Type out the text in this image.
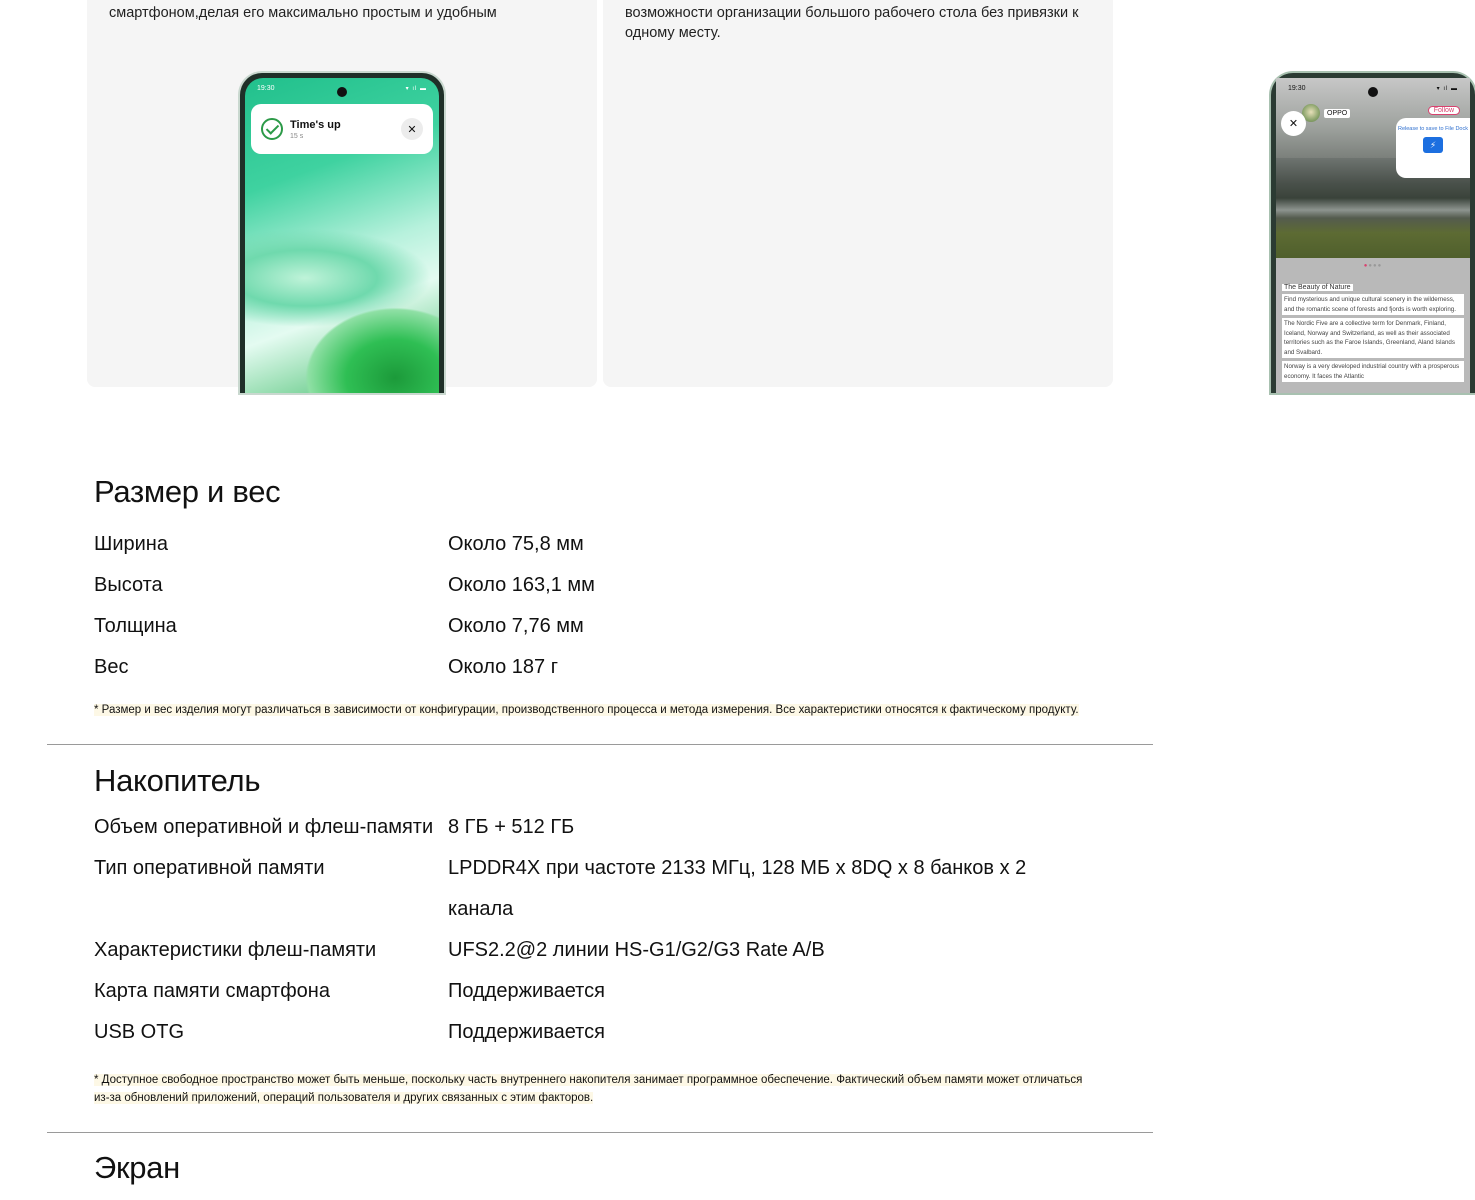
смартфоном,делая его максимально простым и удобным

19:30	▾ ıl ▬
Time's up
15 s
✕

возможности организации большого рабочего стола без привязки к одному месту.

19:30	▾ ıl ▬
OPPO	Follow
✕	Release to save to File Dock
⚡
●●●●
The Beauty of Nature
Find mysterious and unique cultural scenery in the wilderness, and the romantic scene of forests and fjords is worth exploring.
The Nordic Five are a collective term for Denmark, Finland, Iceland, Norway and Switzerland, as well as their associated territories such as the Faroe Islands, Greenland, Aland Islands and Svalbard.
Norway is a very developed industrial country with a prosperous economy. It faces the Atlantic
Размер и вес
Ширина	Около 75,8 мм
Высота	Около 163,1 мм
Толщина	Около 7,76 мм
Вес	Около 187 г

* Размер и вес изделия могут различаться в зависимости от конфигурации, производственного процесса и метода измерения. Все характеристики относятся к фактическому продукту.

Накопитель
Объем оперативной и флеш-памяти 8 ГБ + 512 ГБ
Тип оперативной памяти	LPDDR4X при частоте 2133 МГц, 128 МБ x 8DQ x 8 банков x 2 канала
Характеристики флеш-памяти	UFS2.2@2 линии HS-G1/G2/G3 Rate A/B
Карта памяти смартфона	Поддерживается
USB OTG	Поддерживается

* Доступное свободное пространство может быть меньше, поскольку часть внутреннего накопителя занимает программное обеспечение. Фактический объем памяти может отличаться из-за обновлений приложений, операций пользователя и других связанных с этим факторов.

Экран
